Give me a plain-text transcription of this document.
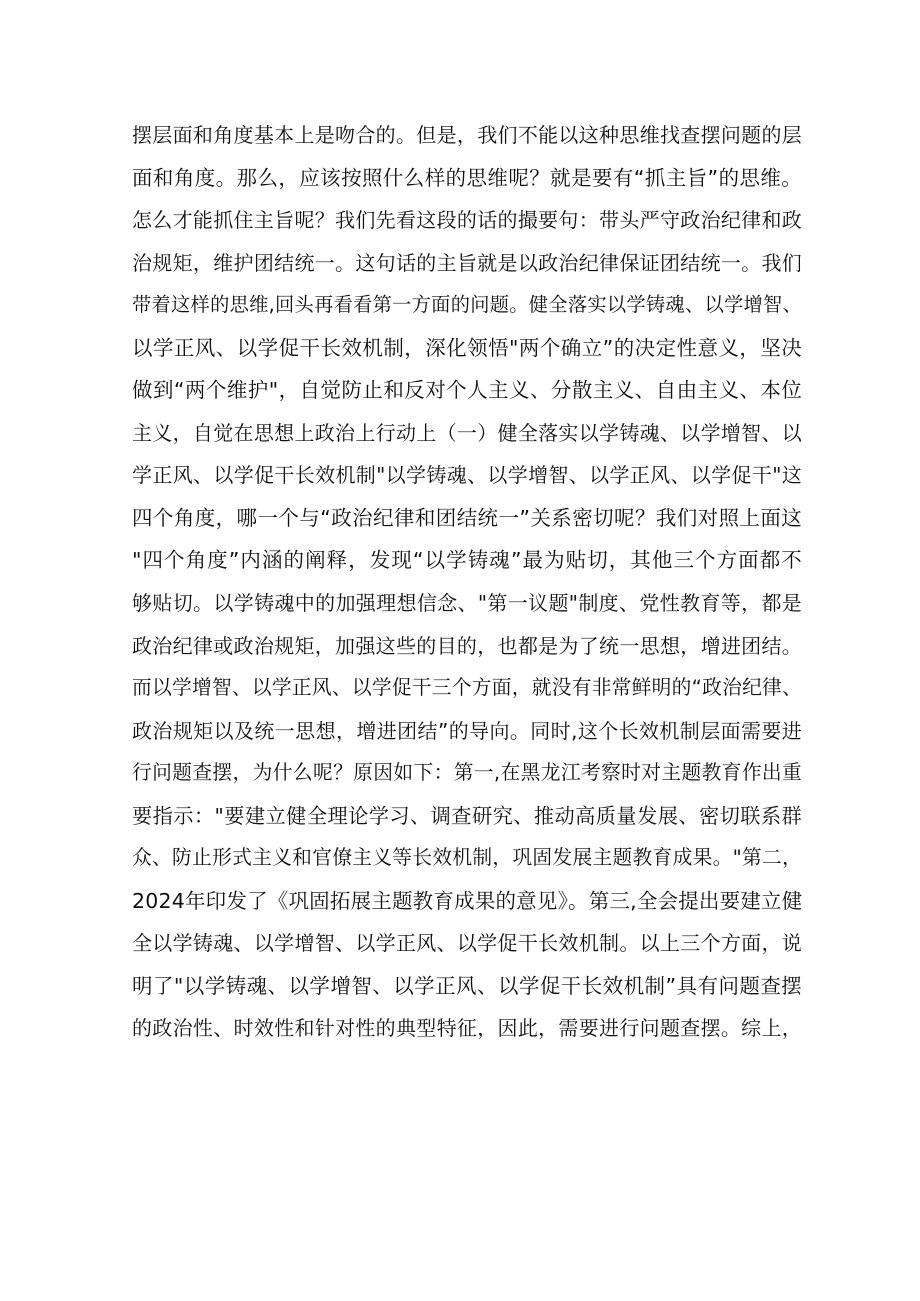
摆层面和角度基本上是吻合的。但是，我们不能以这种思维找查摆问题的层
面和角度。那么，应该按照什么样的思维呢？就是要有“抓主旨”的思维。
怎么才能抓住主旨呢？我们先看这段的话的撮要句：带头严守政治纪律和政
治规矩，维护团结统一。这句话的主旨就是以政治纪律保证团结统一。我们
带着这样的思维,回头再看看第一方面的问题。健全落实以学铸魂、以学增智、
以学正风、以学促干长效机制，深化领悟"两个确立”的决定性意义，坚决
做到“两个维护"，自觉防止和反对个人主义、分散主义、自由主义、本位
主义，自觉在思想上政治上行动上（一）健全落实以学铸魂、以学增智、以
学正风、以学促干长效机制"以学铸魂、以学增智、以学正风、以学促干"这
四个角度，哪一个与“政治纪律和团结统一”关系密切呢？我们对照上面这
"四个角度”内涵的阐释，发现“以学铸魂”最为贴切，其他三个方面都不
够贴切。以学铸魂中的加强理想信念、"第一议题"制度、党性教育等，都是
政治纪律或政治规矩，加强这些的目的，也都是为了统一思想，增进团结。
而以学增智、以学正风、以学促干三个方面，就没有非常鲜明的“政治纪律、
政治规矩以及统一思想，增进团结”的导向。同时,这个长效机制层面需要进
行问题查摆，为什么呢？原因如下：第一,在黑龙江考察时对主题教育作出重
要指示："要建立健全理论学习、调查研究、推动高质量发展、密切联系群
众、防止形式主义和官僚主义等长效机制，巩固发展主题教育成果。"第二，
2024年印发了《巩固拓展主题教育成果的意见》。第三,全会提出要建立健
全以学铸魂、以学增智、以学正风、以学促干长效机制。以上三个方面，说
明了"以学铸魂、以学增智、以学正风、以学促干长效机制”具有问题查摆
的政治性、时效性和针对性的典型特征，因此，需要进行问题查摆。综上，
